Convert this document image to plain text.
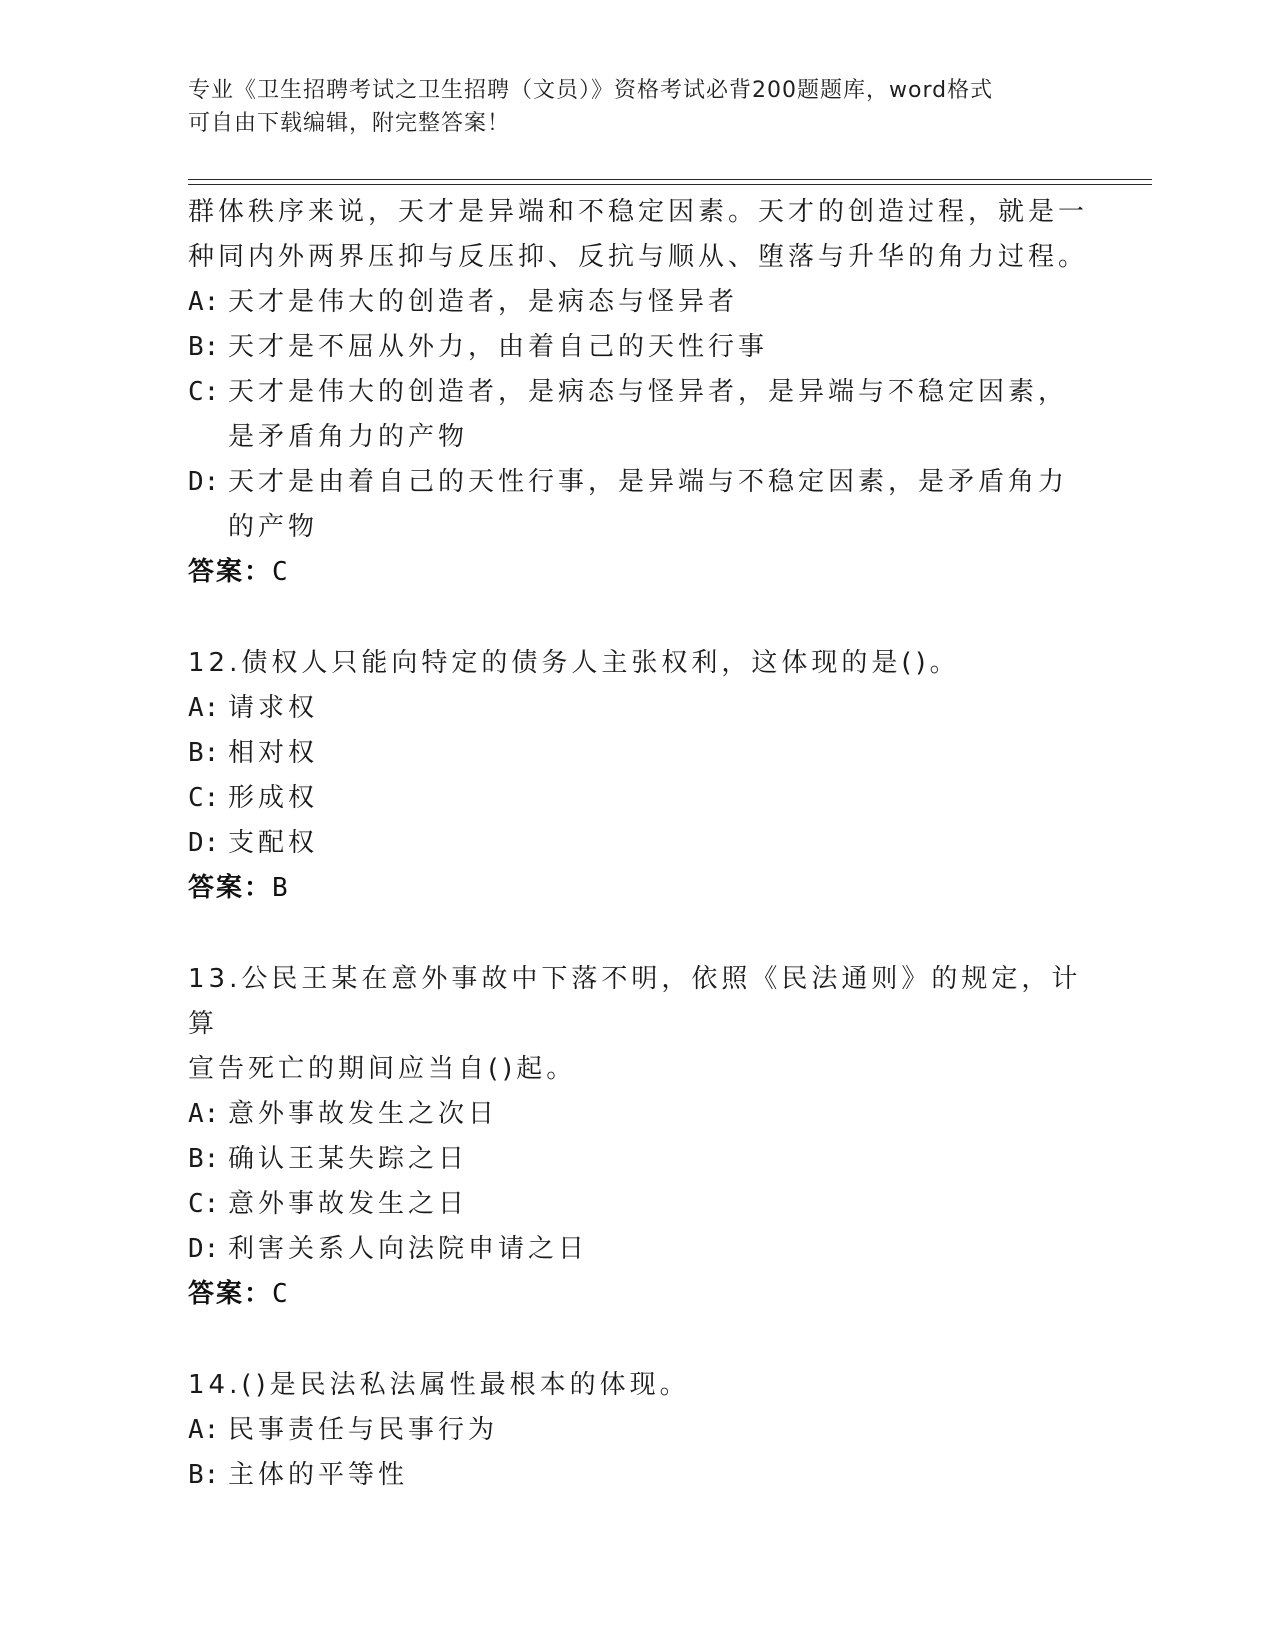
专业《卫生招聘考试之卫生招聘（文员）》资格考试必背200题题库，word格式
可自由下载编辑，附完整答案！
群体秩序来说，天才是异端和不稳定因素。天才的创造过程，就是一
种同内外两界压抑与反压抑、反抗与顺从、堕落与升华的角力过程。
A: 天才是伟大的创造者，是病态与怪异者
B: 天才是不屈从外力，由着自己的天性行事
C: 天才是伟大的创造者，是病态与怪异者，是异端与不稳定因素，是矛盾角力的产物
D: 天才是由着自己的天性行事，是异端与不稳定因素，是矛盾角力的产物
答案：C
12.债权人只能向特定的债务人主张权利，这体现的是()。
A: 请求权
B: 相对权
C: 形成权
D: 支配权
答案：B
13.公民王某在意外事故中下落不明，依照《民法通则》的规定，计算
宣告死亡的期间应当自()起。
A: 意外事故发生之次日
B: 确认王某失踪之日
C: 意外事故发生之日
D: 利害关系人向法院申请之日
答案：C
14.()是民法私法属性最根本的体现。
A: 民事责任与民事行为
B: 主体的平等性
